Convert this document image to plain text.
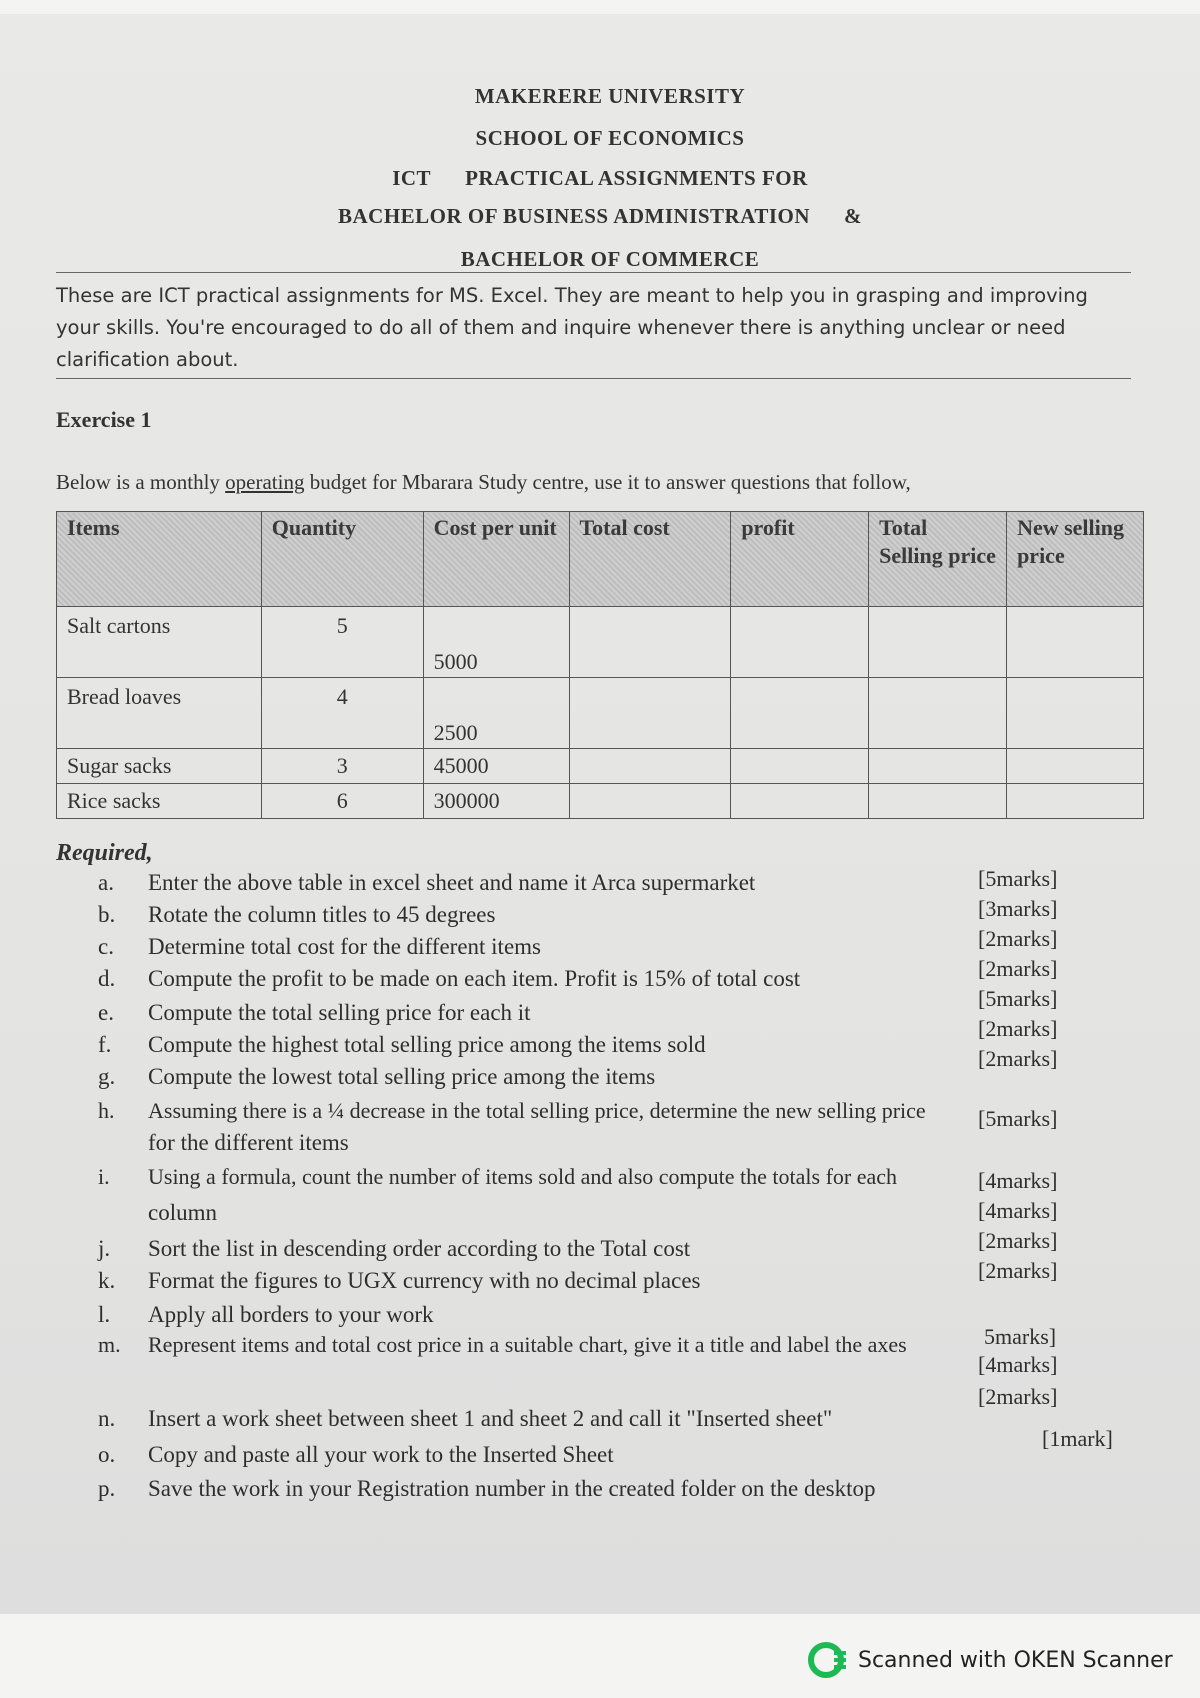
MAKERERE UNIVERSITY
SCHOOL OF ECONOMICS
ICT PRACTICAL ASSIGNMENTS FOR
BACHELOR OF BUSINESS ADMINISTRATION &
BACHELOR OF COMMERCE
These are ICT practical assignments for MS. Excel. They are meant to help you in grasping and improving your skills. You're encouraged to do all of them and inquire whenever there is anything unclear or need clarification about.
Exercise 1
Below is a monthly operating budget for Mbarara Study centre, use it to answer questions that follow,
Items	Quantity	Cost per unit	Total cost	profit	Total Selling price	New selling price
Salt cartons	5	5000				
Bread loaves	4	2500				
Sugar sacks	3	45000				
Rice sacks	6	300000				
Required,
a. Enter the above table in excel sheet and name it Arca supermarket	[5marks]
b. Rotate the column titles to 45 degrees	[3marks]
c. Determine total cost for the different items	[2marks]
d. Compute the profit to be made on each item. Profit is 15% of total cost	[2marks]
e. Compute the total selling price for each it
[5marks]
f. Compute the highest total selling price among the items sold
[2marks]
g. Compute the lowest total selling price among the items
[2marks]
h. Assuming there is a ¼ decrease in the total selling price, determine the new selling price
for the different items
[5marks]
i. Using a formula, count the number of items sold and also compute the totals for each
column
[4marks]
j. Sort the list in descending order according to the Total cost
[4marks]
k. Format the figures to UGX currency with no decimal places
[2marks]
l. Apply all borders to your work
[2marks]
m. Represent items and total cost price in a suitable chart, give it a title and label the axes	5marks]
n. Insert a work sheet between sheet 1 and sheet 2 and call it "Inserted sheet"
[4marks]
o. Copy and paste all your work to the Inserted Sheet
[2marks]
p. Save the work in your Registration number in the created folder on the desktop
[1mark]
Scanned with OKEN Scanner
